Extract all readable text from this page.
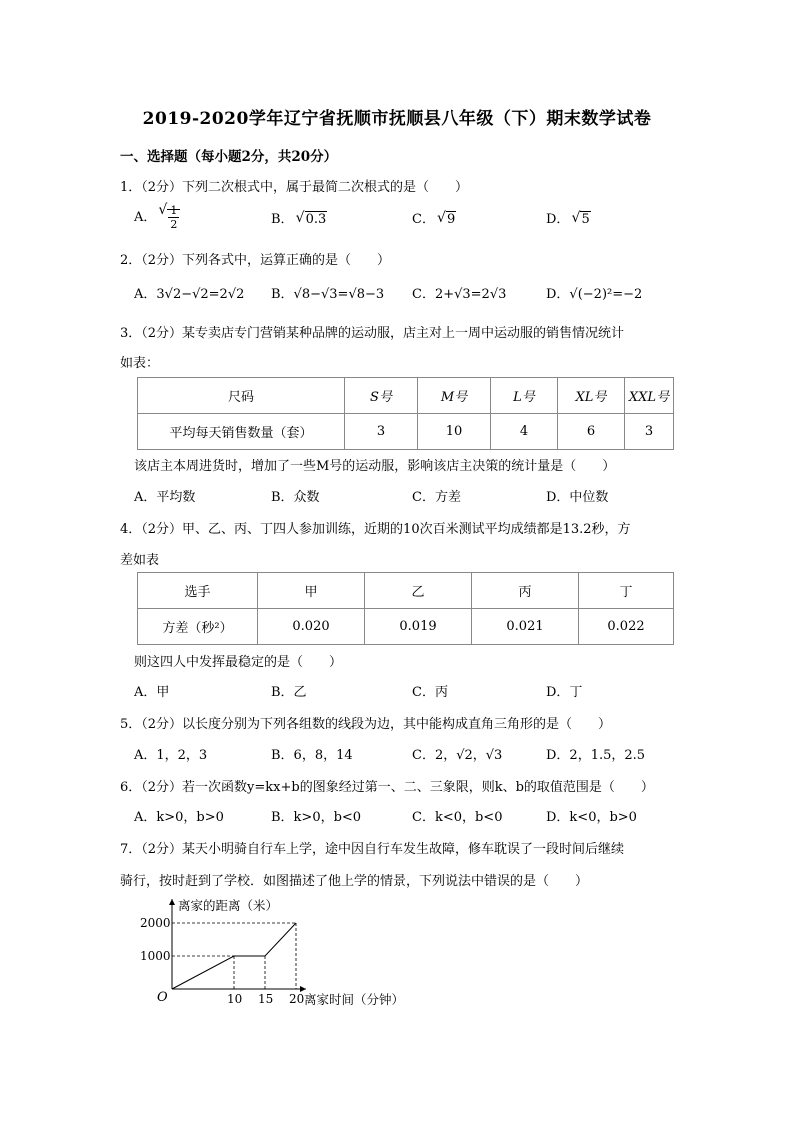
2019-2020学年辽宁省抚顺市抚顺县八年级（下）期末数学试卷
一、选择题（每小题2分，共20分）
1．（2分）下列二次根式中，属于最简二次根式的是（　　）
A． √ $\frac{1}{2}$	B． √ 0.3	C． √ 9	D． √ 5
2．（2分）下列各式中，运算正确的是（　　）
A．3√2−√2=2√2 B．√8−√3=√8−3 C．2+√3=2√3	D．√(−2)²=−2
3．（2分）某专卖店专门营销某种品牌的运动服，店主对上一周中运动服的销售情况统计
如表：
尺码	S号	M号	L号	XL号	XXL号
平均每天销售数量（套）	3	10	4	6	3
该店主本周进货时，增加了一些M号的运动服，影响该店主决策的统计量是（　　）
A．平均数	B．众数	C．方差	D．中位数
4．（2分）甲、乙、丙、丁四人参加训练，近期的10次百米测试平均成绩都是13.2秒，方
差如表
选手	甲	乙	丙	丁
方差（秒²）	0.020	0.019	0.021	0.022
则这四人中发挥最稳定的是（　　）
A．甲	B．乙	C．丙	D．丁
5．（2分）以长度分别为下列各组数的线段为边，其中能构成直角三角形的是（　　）
A．1，2，3	B．6，8，14	C．2，√2，√3	D．2，1.5，2.5
6．（2分）若一次函数y=kx+b的图象经过第一、二、三象限，则k、b的取值范围是（　　）
A．k>0，b>0	B．k>0，b<0	C．k<0，b<0	D．k<0，b>0
7．（2分）某天小明骑自行车上学，途中因自行车发生故障，修车耽误了一段时间后继续
骑行，按时赶到了学校．如图描述了他上学的情景，下列说法中错误的是（　　）
离家的距离（米）
离家时间（分钟）
O	10 15 20
1000
2000
